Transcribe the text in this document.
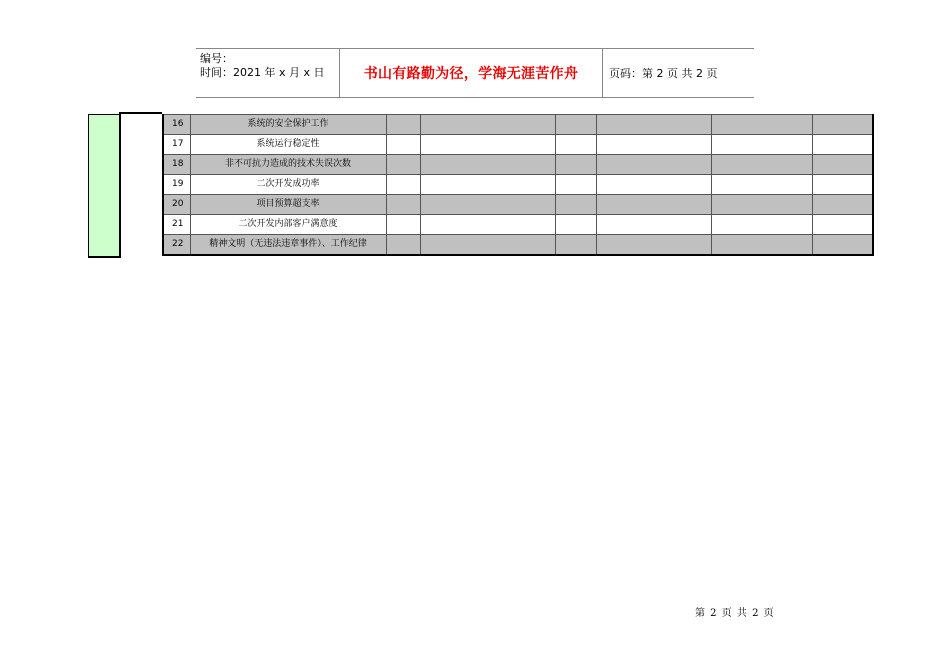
编号：
时间：2021 年 x 月 x 日	书山有路勤为径，学海无涯苦作舟	页码：第 2 页 共 2 页
16	系统的安全保护工作						
17	系统运行稳定性						
18	非不可抗力造成的技术失误次数						
19	二次开发成功率						
20	项目预算超支率						
21	二次开发内部客户满意度						
22	精神文明（无违法违章事件）、工作纪律						
第 2 页 共 2 页
